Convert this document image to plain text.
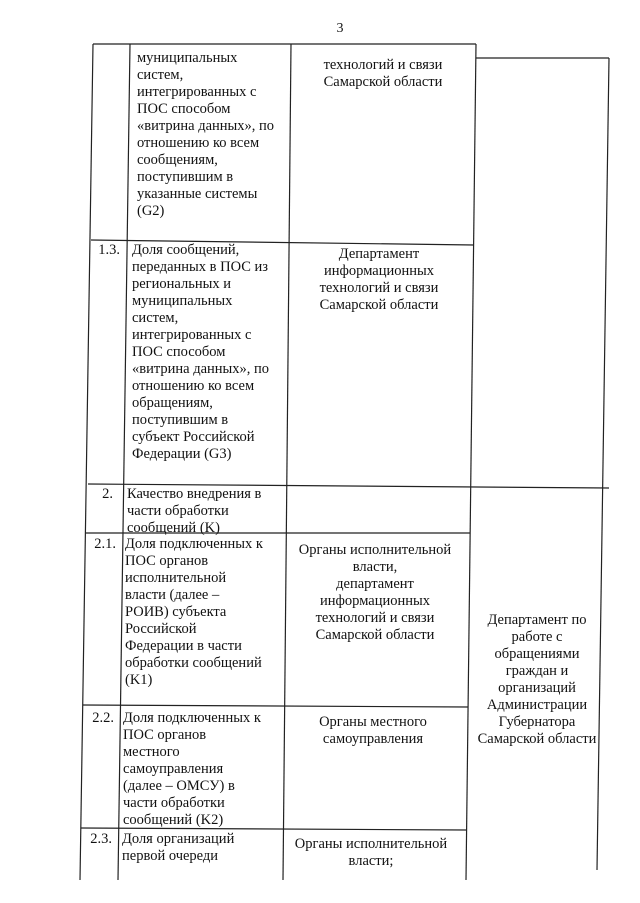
3
муниципальных
систем,
интегрированных с
ПОС способом
«витрина данных», по
отношению ко всем
сообщениям,
поступившим в
указанные системы
(G2)
технологий и связи
Самарской области
1.3. Доля сообщений,
переданных в ПОС из
региональных и
муниципальных
систем,
интегрированных с
ПОС способом
«витрина данных», по
отношению ко всем
обращениям,
поступившим в
субъект Российской
Федерации (G3)
Департамент
информационных
технологий и связи
Самарской области
2. Качество внедрения в
части обработки
сообщений (K)
2.1. Доля подключенных к
ПОС органов
исполнительной
власти (далее –
РОИВ) субъекта
Российской
Федерации в части
обработки сообщений
(K1)
Органы исполнительной
власти,
департамент
информационных
технологий и связи
Самарской области
2.2. Доля подключенных к
ПОС органов
местного
самоуправления
(далее – ОМСУ) в
части обработки
сообщений (K2)
Органы местного
самоуправления
2.3. Доля организаций
первой очереди
Органы исполнительной
власти;
Департамент по
работе с
обращениями
граждан и
организаций
Администрации
Губернатора
Самарской области
